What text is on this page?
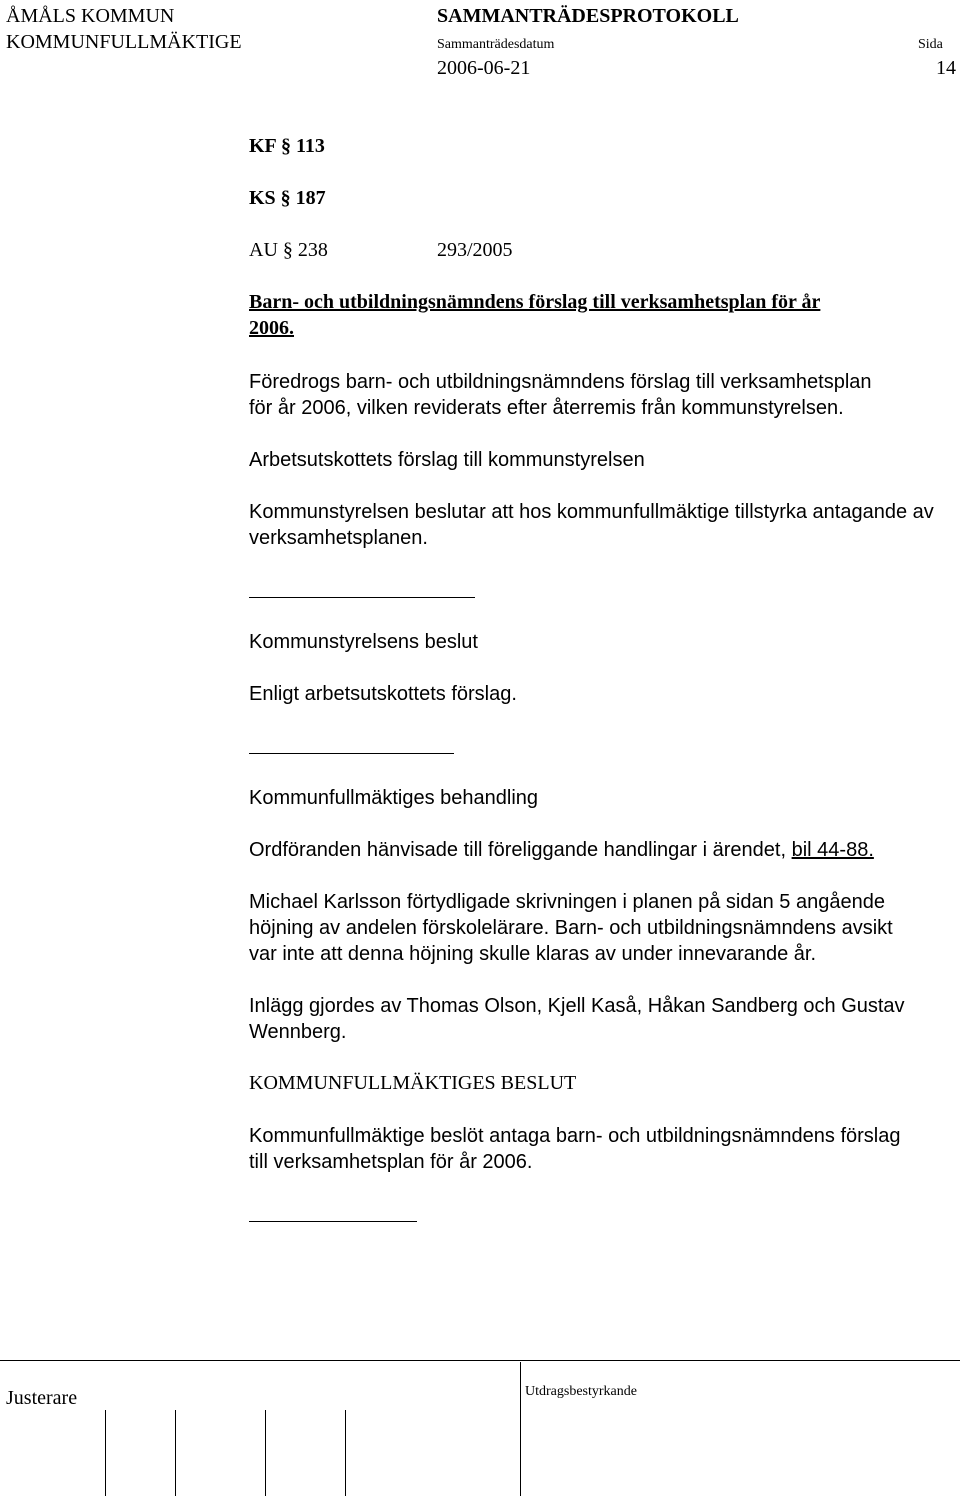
ÅMÅLS KOMMUN
KOMMUNFULLMÄKTIGE
SAMMANTRÄDESPROTOKOLL
Sammanträdesdatum
2006-06-21
Sida
14
KF § 113
KS § 187
AU § 238	293/2005
Barn- och utbildningsnämndens förslag till verksamhetsplan för år
2006.
Föredrogs barn- och utbildningsnämndens förslag till verksamhetsplan
för år 2006, vilken reviderats efter återremis från kommunstyrelsen.
Arbetsutskottets förslag till kommunstyrelsen
Kommunstyrelsen beslutar att hos kommunfullmäktige tillstyrka antagande av
verksamhetsplanen.
Kommunstyrelsens beslut
Enligt arbetsutskottets förslag.
Kommunfullmäktiges behandling
Ordföranden hänvisade till föreliggande handlingar i ärendet, bil 44-88.
Michael Karlsson förtydligade skrivningen i planen på sidan 5 angående
höjning av andelen förskolelärare. Barn- och utbildningsnämndens avsikt
var inte att denna höjning skulle klaras av under innevarande år.
Inlägg gjordes av Thomas Olson, Kjell Kaså, Håkan Sandberg och Gustav
Wennberg.
KOMMUNFULLMÄKTIGES BESLUT
Kommunfullmäktige beslöt antaga barn- och utbildningsnämndens förslag
till verksamhetsplan för år 2006.
Justerare	Utdragsbestyrkande
